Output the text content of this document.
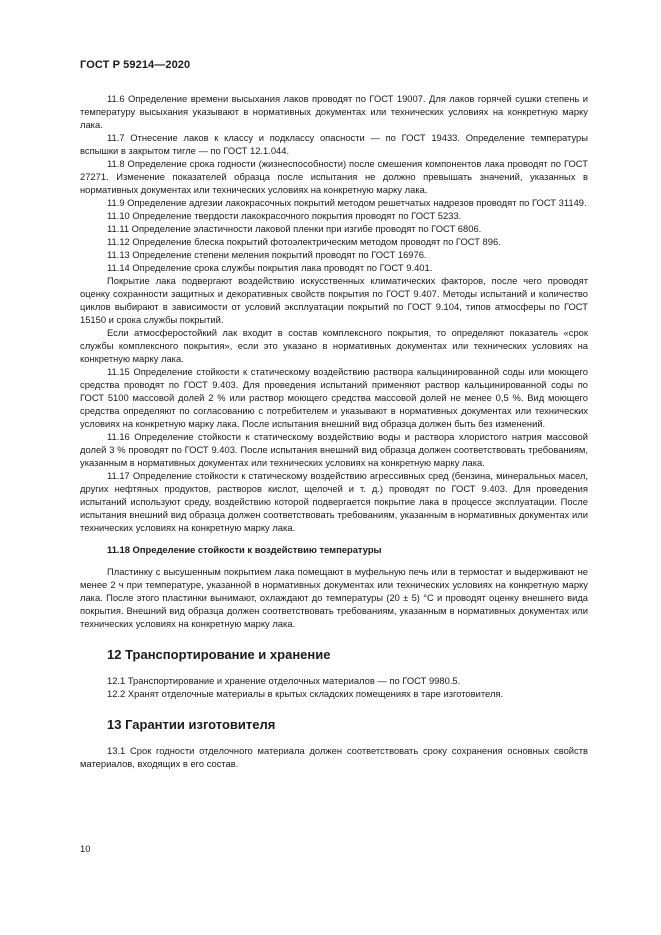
ГОСТ Р 59214—2020

11.6 Определение времени высыхания лаков проводят по ГОСТ 19007. Для лаков горячей сушки степень и температуру высыхания указывают в нормативных документах или технических условиях на конкретную марку лака.

11.7 Отнесение лаков к классу и подклассу опасности — по ГОСТ 19433. Определение температуры вспышки в закрытом тигле — по ГОСТ 12.1.044.

11.8 Определение срока годности (жизнеспособности) после смешения компонентов лака проводят по ГОСТ 27271. Изменение показателей образца после испытания не должно превышать значений, указанных в нормативных документах или технических условиях на конкретную марку лака.

11.9 Определение адгезии лакокрасочных покрытий методом решетчатых надрезов проводят по ГОСТ 31149.

11.10 Определение твердости лакокрасочного покрытия проводят по ГОСТ 5233.

11.11 Определение эластичности лаковой пленки при изгибе проводят по ГОСТ 6806.

11.12 Определение блеска покрытий фотоэлектрическим методом проводят по ГОСТ 896.

11.13 Определение степени меления покрытий проводят по ГОСТ 16976.

11.14 Определение срока службы покрытия лака проводят по ГОСТ 9.401.

Покрытие лака подвергают воздействию искусственных климатических факторов, после чего проводят оценку сохранности защитных и декоративных свойств покрытия по ГОСТ 9.407. Методы испытаний и количество циклов выбирают в зависимости от условий эксплуатации покрытий по ГОСТ 9.104, типов атмосферы по ГОСТ 15150 и срока службы покрытий.

Если атмосферостойкий лак входит в состав комплексного покрытия, то определяют показатель «срок службы комплексного покрытия», если это указано в нормативных документах или технических условиях на конкретную марку лака.

11.15 Определение стойкости к статическому воздействию раствора кальцинированной соды или моющего средства проводят по ГОСТ 9.403. Для проведения испытаний применяют раствор кальцинированной соды по ГОСТ 5100 массовой долей 2 % или раствор моющего средства массовой долей не менее 0,5 %. Вид моющего средства определяют по согласованию с потребителем и указывают в нормативных документах или технических условиях на конкретную марку лака. После испытания внешний вид образца должен быть без изменений.

11.16 Определение стойкости к статическому воздействию воды и раствора хлористого натрия массовой долей 3 % проводят по ГОСТ 9.403. После испытания внешний вид образца должен соответствовать требованиям, указанным в нормативных документах или технических условиях на конкретную марку лака.

11.17 Определение стойкости к статическому воздействию агрессивных сред (бензина, минеральных масел, других нефтяных продуктов, растворов кислот, щелочей и т. д.) проводят по ГОСТ 9.403. Для проведения испытаний используют среду, воздействию которой подвергается покрытие лака в процессе эксплуатации. После испытания внешний вид образца должен соответствовать требованиям, указанным в нормативных документах или технических условиях на конкретную марку лака.

11.18 Определение стойкости к воздействию температуры

Пластинку с высушенным покрытием лака помещают в муфельную печь или в термостат и выдерживают не менее 2 ч при температуре, указанной в нормативных документах или технических условиях на конкретную марку лака. После этого пластинки вынимают, охлаждают до температуры (20 ± 5) °С и проводят оценку внешнего вида покрытия. Внешний вид образца должен соответствовать требованиям, указанным в нормативных документах или технических условиях на конкретную марку лака.

12 Транспортирование и хранение

12.1 Транспортирование и хранение отделочных материалов — по ГОСТ 9980.5.

12.2 Хранят отделочные материалы в крытых складских помещениях в таре изготовителя.

13 Гарантии изготовителя

13.1 Срок годности отделочного материала должен соответствовать сроку сохранения основных свойств материалов, входящих в его состав.

10
